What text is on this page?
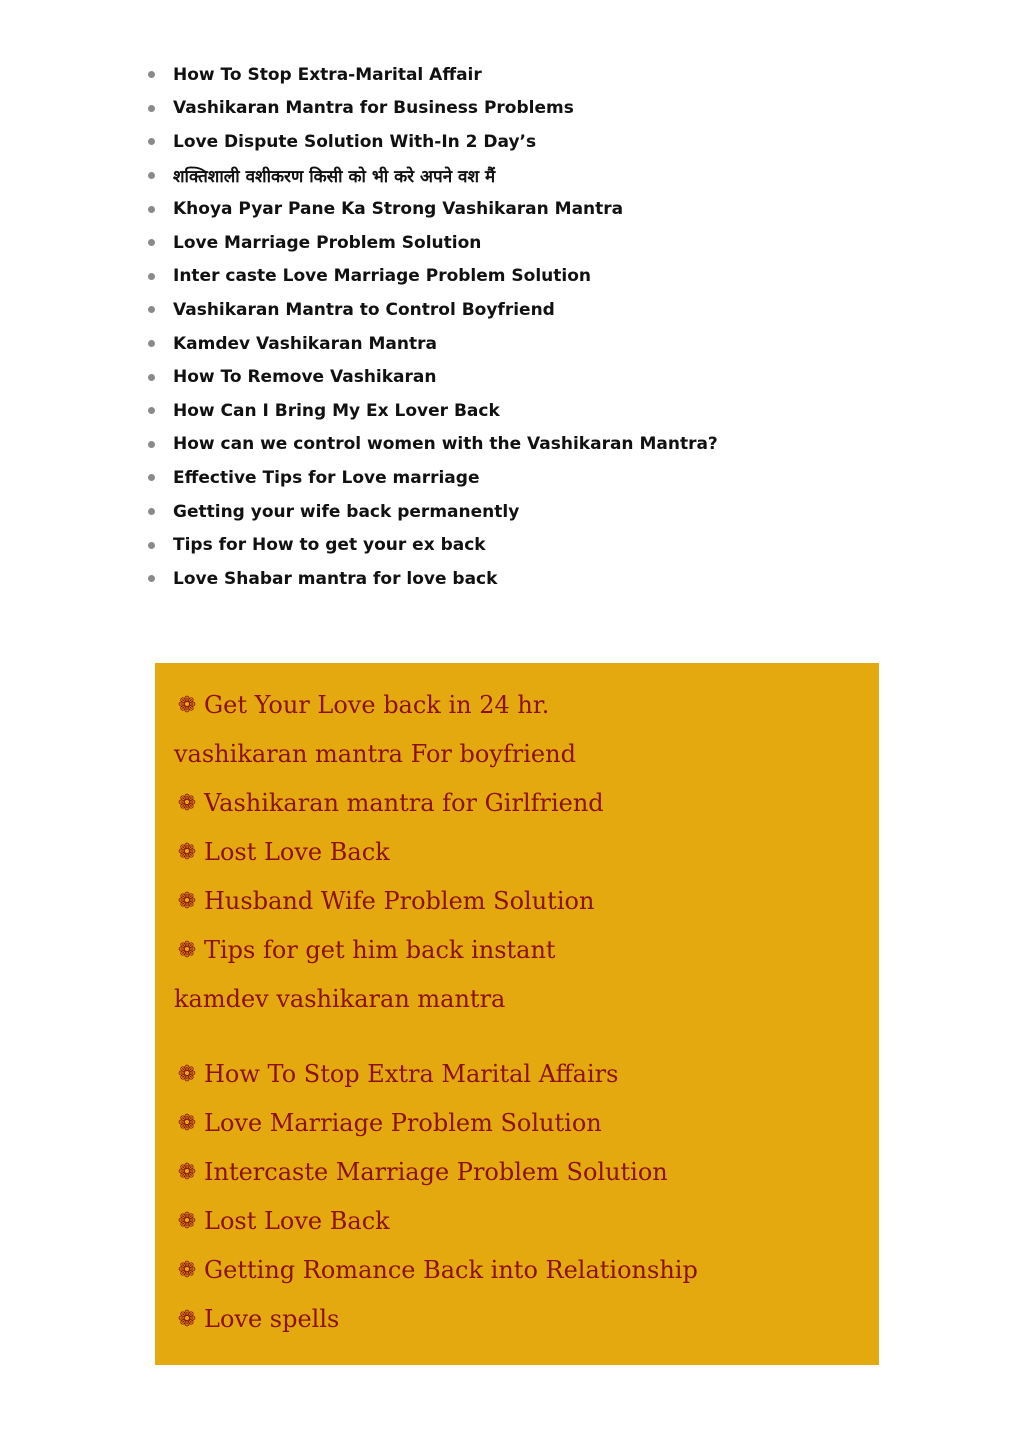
How To Stop Extra-Marital Affair
Vashikaran Mantra for Business Problems
Love Dispute Solution With-In 2 Day’s
शक्तिशाली वशीकरण किसी को भी करे अपने वश मैं
Khoya Pyar Pane Ka Strong Vashikaran Mantra
Love Marriage Problem Solution
Inter caste Love Marriage Problem Solution
Vashikaran Mantra to Control Boyfriend
Kamdev Vashikaran Mantra
How To Remove Vashikaran
How Can I Bring My Ex Lover Back
How can we control women with the Vashikaran Mantra?
Effective Tips for Love marriage
Getting your wife back permanently
Tips for How to get your ex back
Love Shabar mantra for love back
❁ Get Your Love back in 24 hr.
vashikaran mantra For boyfriend
❁ Vashikaran mantra for Girlfriend
❁ Lost Love Back
❁ Husband Wife Problem Solution
❁ Tips for get him back instant
kamdev vashikaran mantra
❁ How To Stop Extra Marital Affairs
❁ Love Marriage Problem Solution
❁ Intercaste Marriage Problem Solution
❁ Lost Love Back
❁ Getting Romance Back into Relationship
❁ Love spells
